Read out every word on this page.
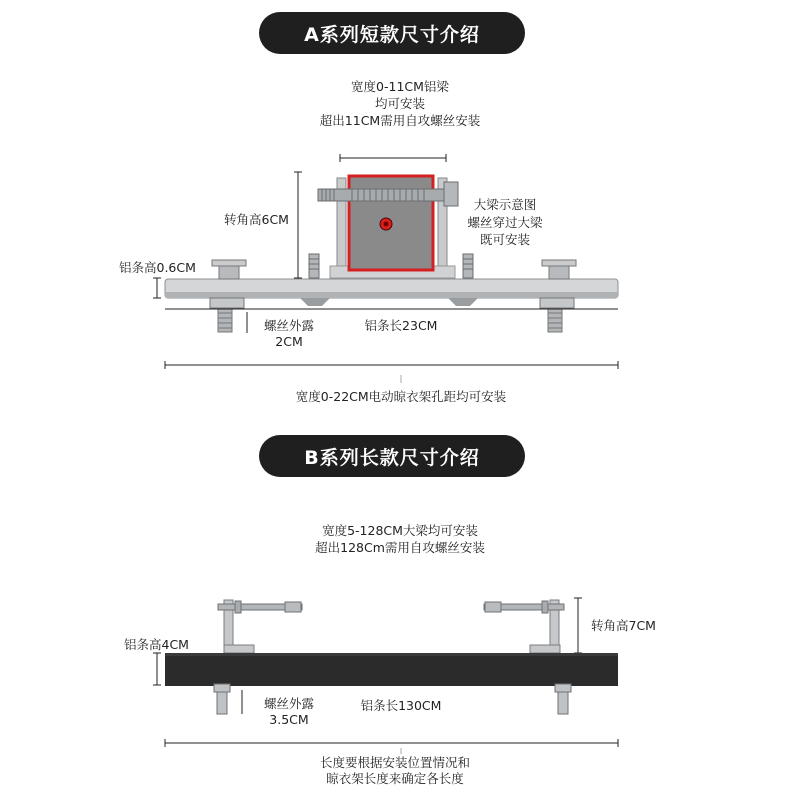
A系列短款尺寸介绍
宽度0-11CM铝梁
均可安装
超出11CM需用自攻螺丝安装
转角高6CM
铝条高0.6CM
大梁示意图
螺丝穿过大梁
既可安装
螺丝外露
2CM
铝条长23CM
宽度0-22CM电动晾衣架孔距均可安装
B系列长款尺寸介绍
宽度5-128CM大梁均可安装
超出128Cm需用自攻螺丝安装
铝条高4CM
转角高7CM
螺丝外露
3.5CM
铝条长130CM
长度要根据安装位置情况和
晾衣架长度来确定各长度
